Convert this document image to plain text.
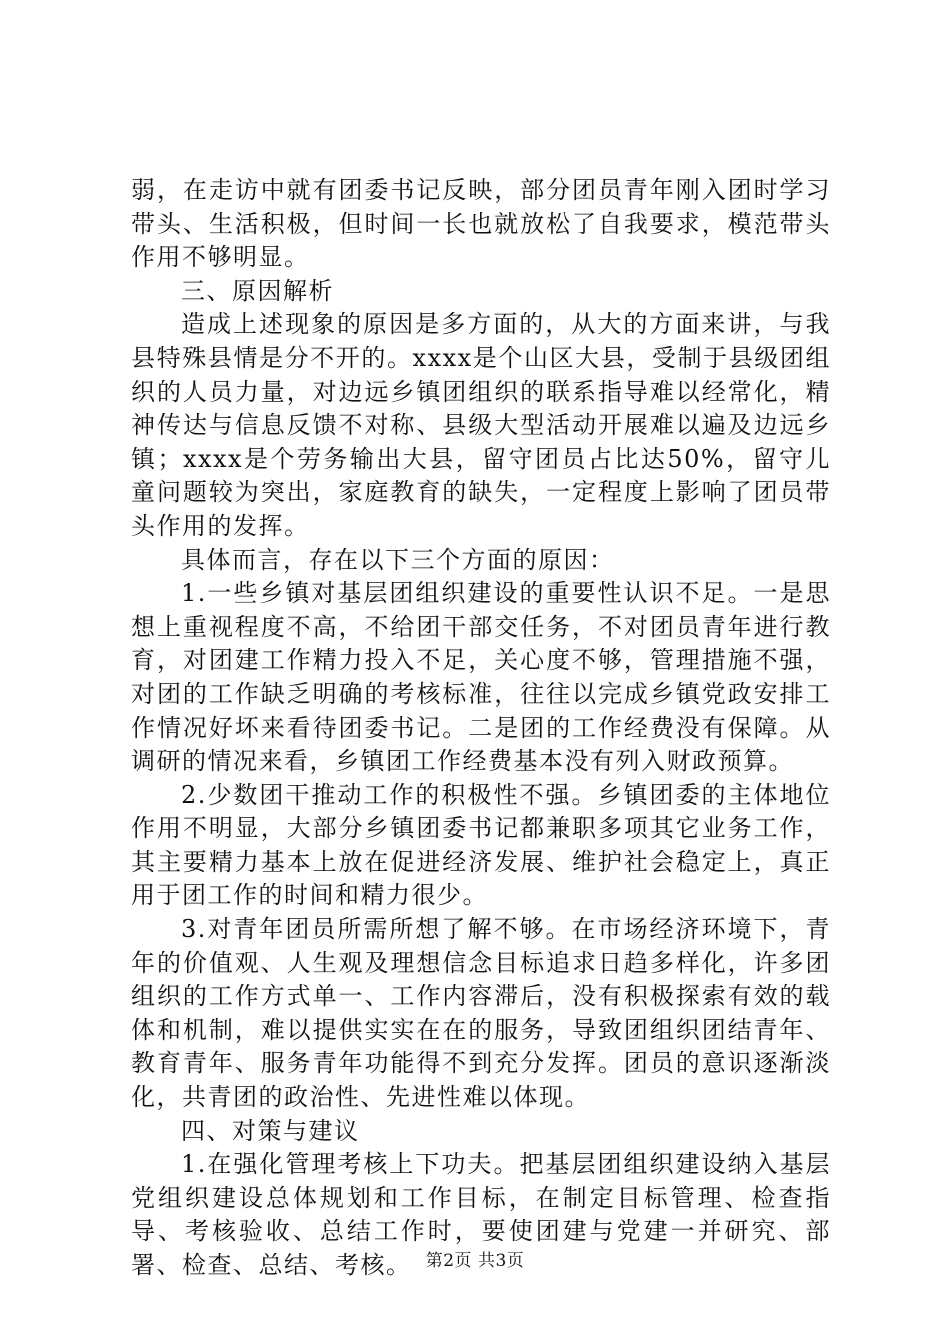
弱，在走访中就有团委书记反映，部分团员青年刚入团时学习带头、生活积极，但时间一长也就放松了自我要求，模范带头作用不够明显。

三、原因解析

造成上述现象的原因是多方面的，从大的方面来讲，与我县特殊县情是分不开的。xxxx是个山区大县，受制于县级团组织的人员力量，对边远乡镇团组织的联系指导难以经常化，精神传达与信息反馈不对称、县级大型活动开展难以遍及边远乡镇；xxxx是个劳务输出大县，留守团员占比达50%，留守儿童问题较为突出，家庭教育的缺失，一定程度上影响了团员带头作用的发挥。

具体而言，存在以下三个方面的原因：

1.一些乡镇对基层团组织建设的重要性认识不足。一是思想上重视程度不高，不给团干部交任务，不对团员青年进行教育，对团建工作精力投入不足，关心度不够，管理措施不强，对团的工作缺乏明确的考核标准，往往以完成乡镇党政安排工作情况好坏来看待团委书记。二是团的工作经费没有保障。从调研的情况来看，乡镇团工作经费基本没有列入财政预算。

2.少数团干推动工作的积极性不强。乡镇团委的主体地位作用不明显，大部分乡镇团委书记都兼职多项其它业务工作，其主要精力基本上放在促进经济发展、维护社会稳定上，真正用于团工作的时间和精力很少。

3.对青年团员所需所想了解不够。在市场经济环境下，青年的价值观、人生观及理想信念目标追求日趋多样化，许多团组织的工作方式单一、工作内容滞后，没有积极探索有效的载体和机制，难以提供实实在在的服务，导致团组织团结青年、教育青年、服务青年功能得不到充分发挥。团员的意识逐渐淡化，共青团的政治性、先进性难以体现。

四、对策与建议

1.在强化管理考核上下功夫。把基层团组织建设纳入基层党组织建设总体规划和工作目标，在制定目标管理、检查指导、考核验收、总结工作时，要使团建与党建一并研究、部署、检查、总结、考核。 第2页 共3页
